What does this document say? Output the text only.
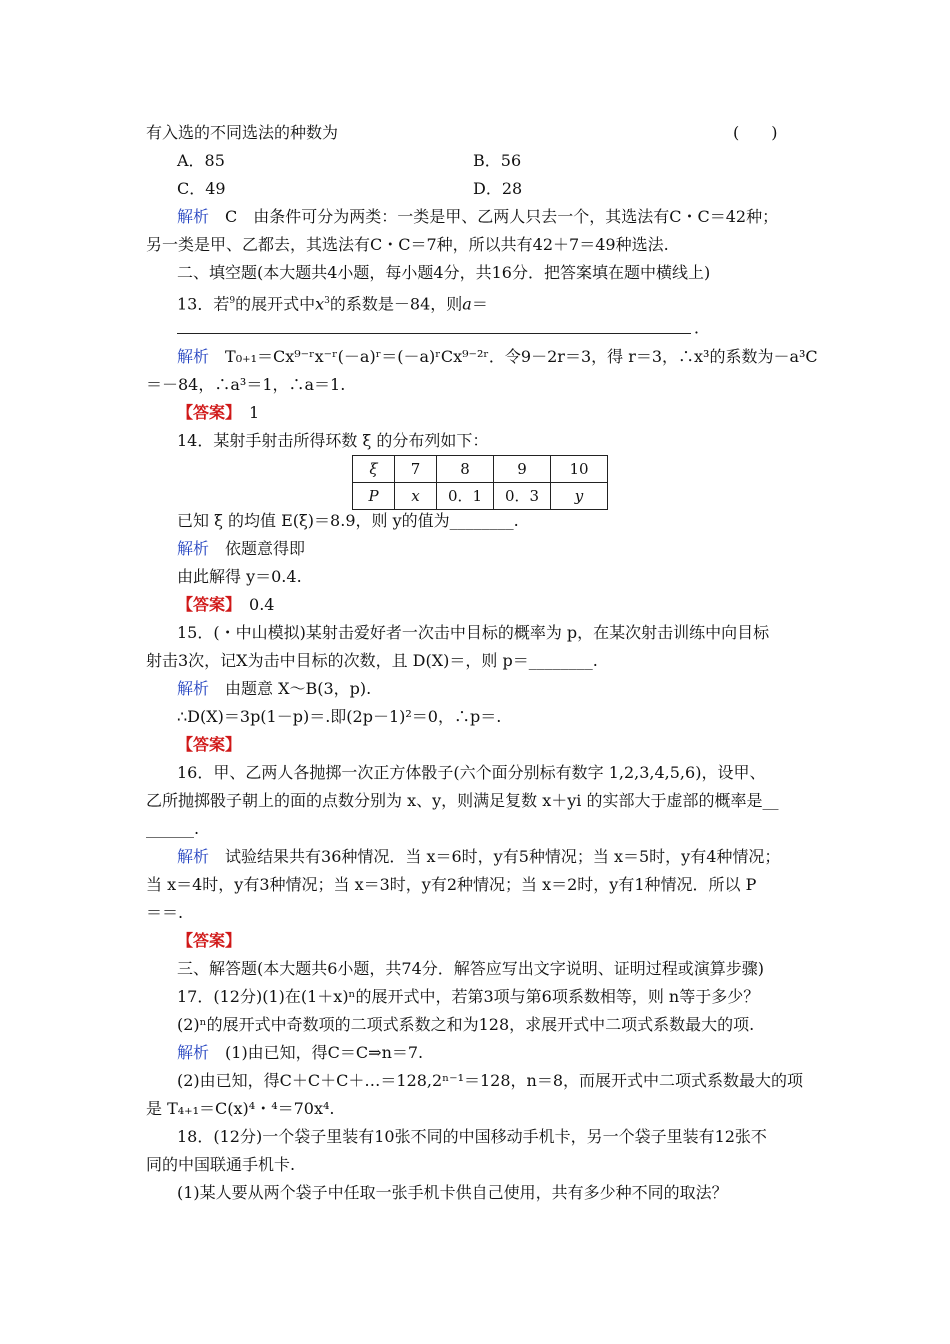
有入选的不同选法的种数为	(　　)
A．85	B．56
C．49	D．28
解析　C　由条件可分为两类：一类是甲、乙两人只去一个，其选法有C・C＝42种；
另一类是甲、乙都去，其选法有C・C＝7种，所以共有42＋7＝49种选法.
二、填空题(本大题共4小题，每小题4分，共16分．把答案填在题中横线上)
13．若$^9$的展开式中$x^3$的系数是－84，则a＝
．
解析　 T₀₊₁＝Cx⁹⁻ʳx⁻ʳ(－a)ʳ＝(－a)ʳCx⁹⁻²ʳ．令9－2r＝3，得 r＝3，∴x³的系数为－a³C
＝－84，∴a³＝1，∴a＝1.
【答案】　 1
14．某射手射击所得环数 ξ 的分布列如下：
ξ	7	8	9	10
P	x	0．1	0．3	y
已知 ξ 的均值 E(ξ)＝8.9，则 y的值为________.
解析　依题意得即
由此解得 y＝0.4.
【答案】　 0.4
15．(・中山模拟)某射击爱好者一次击中目标的概率为 p，在某次射击训练中向目标
射击3次，记X为击中目标的次数，且 D(X)＝，则 p＝________.
解析　由题意 X～B(3，p).
∴D(X)＝3p(1－p)＝.即(2p－1)²＝0，∴p＝.
【答案】
16．甲、乙两人各抛掷一次正方体骰子(六个面分别标有数字 1,2,3,4,5,6)，设甲、
乙所抛掷骰子朝上的面的点数分别为 x、y，则满足复数 x＋yi 的实部大于虚部的概率是__
______.
解析　试验结果共有36种情况．当 x＝6时，y有5种情况；当 x＝5时，y有4种情况；
当 x＝4时，y有3种情况；当 x＝3时，y有2种情况；当 x＝2时，y有1种情况．所以 P
＝＝.
【答案】
三、解答题(本大题共6小题，共74分．解答应写出文字说明、证明过程或演算步骤)
17．(12分)(1)在(1＋x)ⁿ的展开式中，若第3项与第6项系数相等，则 n等于多少？
(2)ⁿ的展开式中奇数项的二项式系数之和为128，求展开式中二项式系数最大的项.
解析　(1)由已知，得C＝C⇒n＝7.
(2)由已知，得C＋C＋C＋…＝128,2ⁿ⁻¹＝128，n＝8，而展开式中二项式系数最大的项
是 T₄₊₁＝C(x)⁴・⁴＝70x⁴.
18．(12分)一个袋子里装有10张不同的中国移动手机卡，另一个袋子里装有12张不
同的中国联通手机卡.
(1)某人要从两个袋子中任取一张手机卡供自己使用，共有多少种不同的取法？
